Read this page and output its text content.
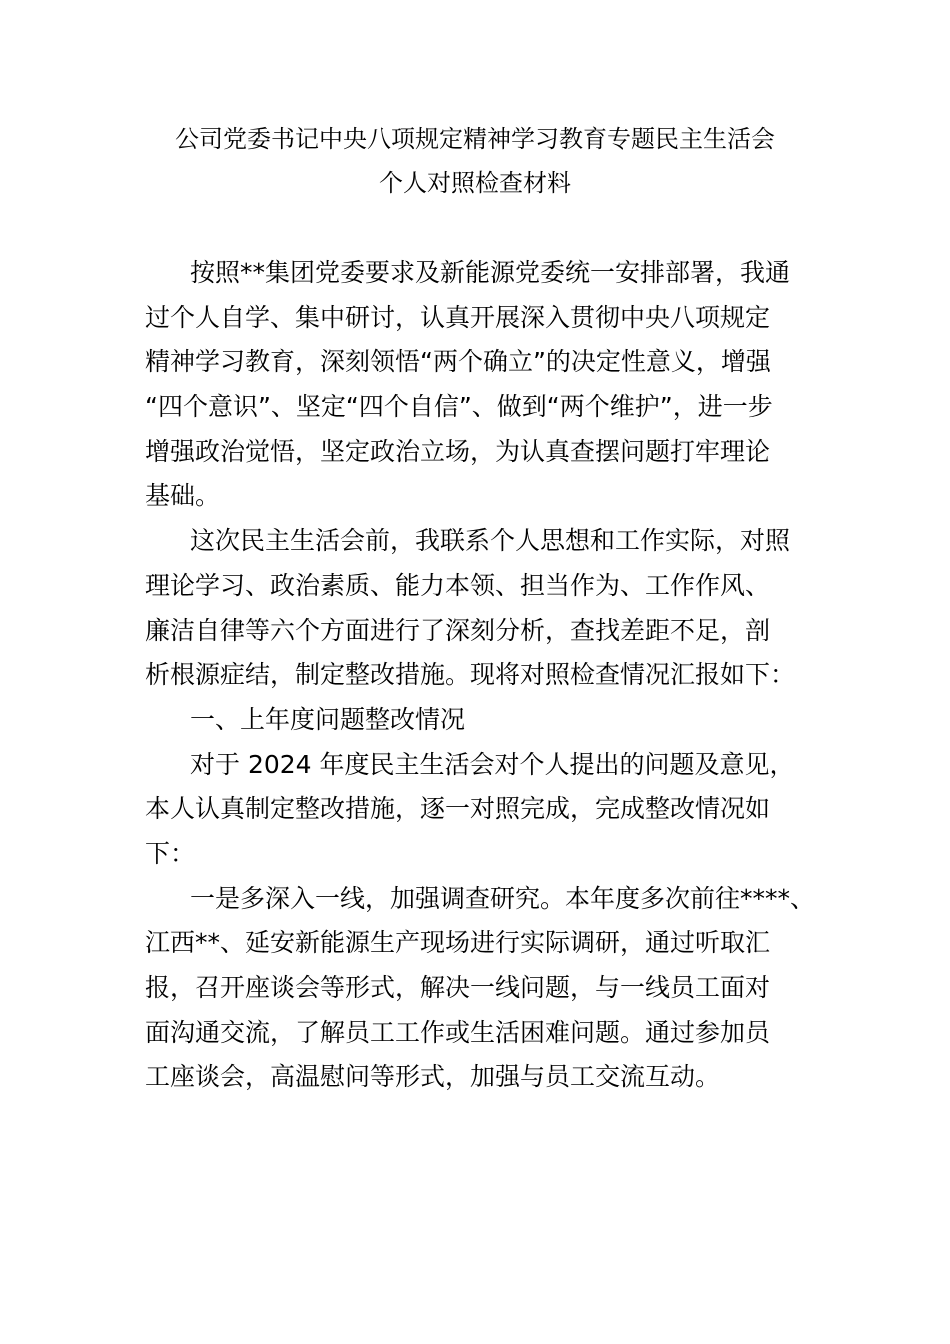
公司党委书记中央八项规定精神学习教育专题民主生活会
个人对照检查材料
按照**集团党委要求及新能源党委统一安排部署，我通
过个人自学、集中研讨，认真开展深入贯彻中央八项规定
精神学习教育，深刻领悟“两个确立”的决定性意义，增强
“四个意识”、坚定“四个自信”、做到“两个维护”，进一步
增强政治觉悟，坚定政治立场，为认真查摆问题打牢理论
基础。
这次民主生活会前，我联系个人思想和工作实际，对照
理论学习、政治素质、能力本领、担当作为、工作作风、
廉洁自律等六个方面进行了深刻分析，查找差距不足，剖
析根源症结，制定整改措施。现将对照检查情况汇报如下：
一、上年度问题整改情况
对于 2024 年度民主生活会对个人提出的问题及意见，
本人认真制定整改措施，逐一对照完成，完成整改情况如
下：
一是多深入一线，加强调查研究。本年度多次前往****、
江西**、延安新能源生产现场进行实际调研，通过听取汇
报，召开座谈会等形式，解决一线问题，与一线员工面对
面沟通交流，了解员工工作或生活困难问题。通过参加员
工座谈会，高温慰问等形式，加强与员工交流互动。
